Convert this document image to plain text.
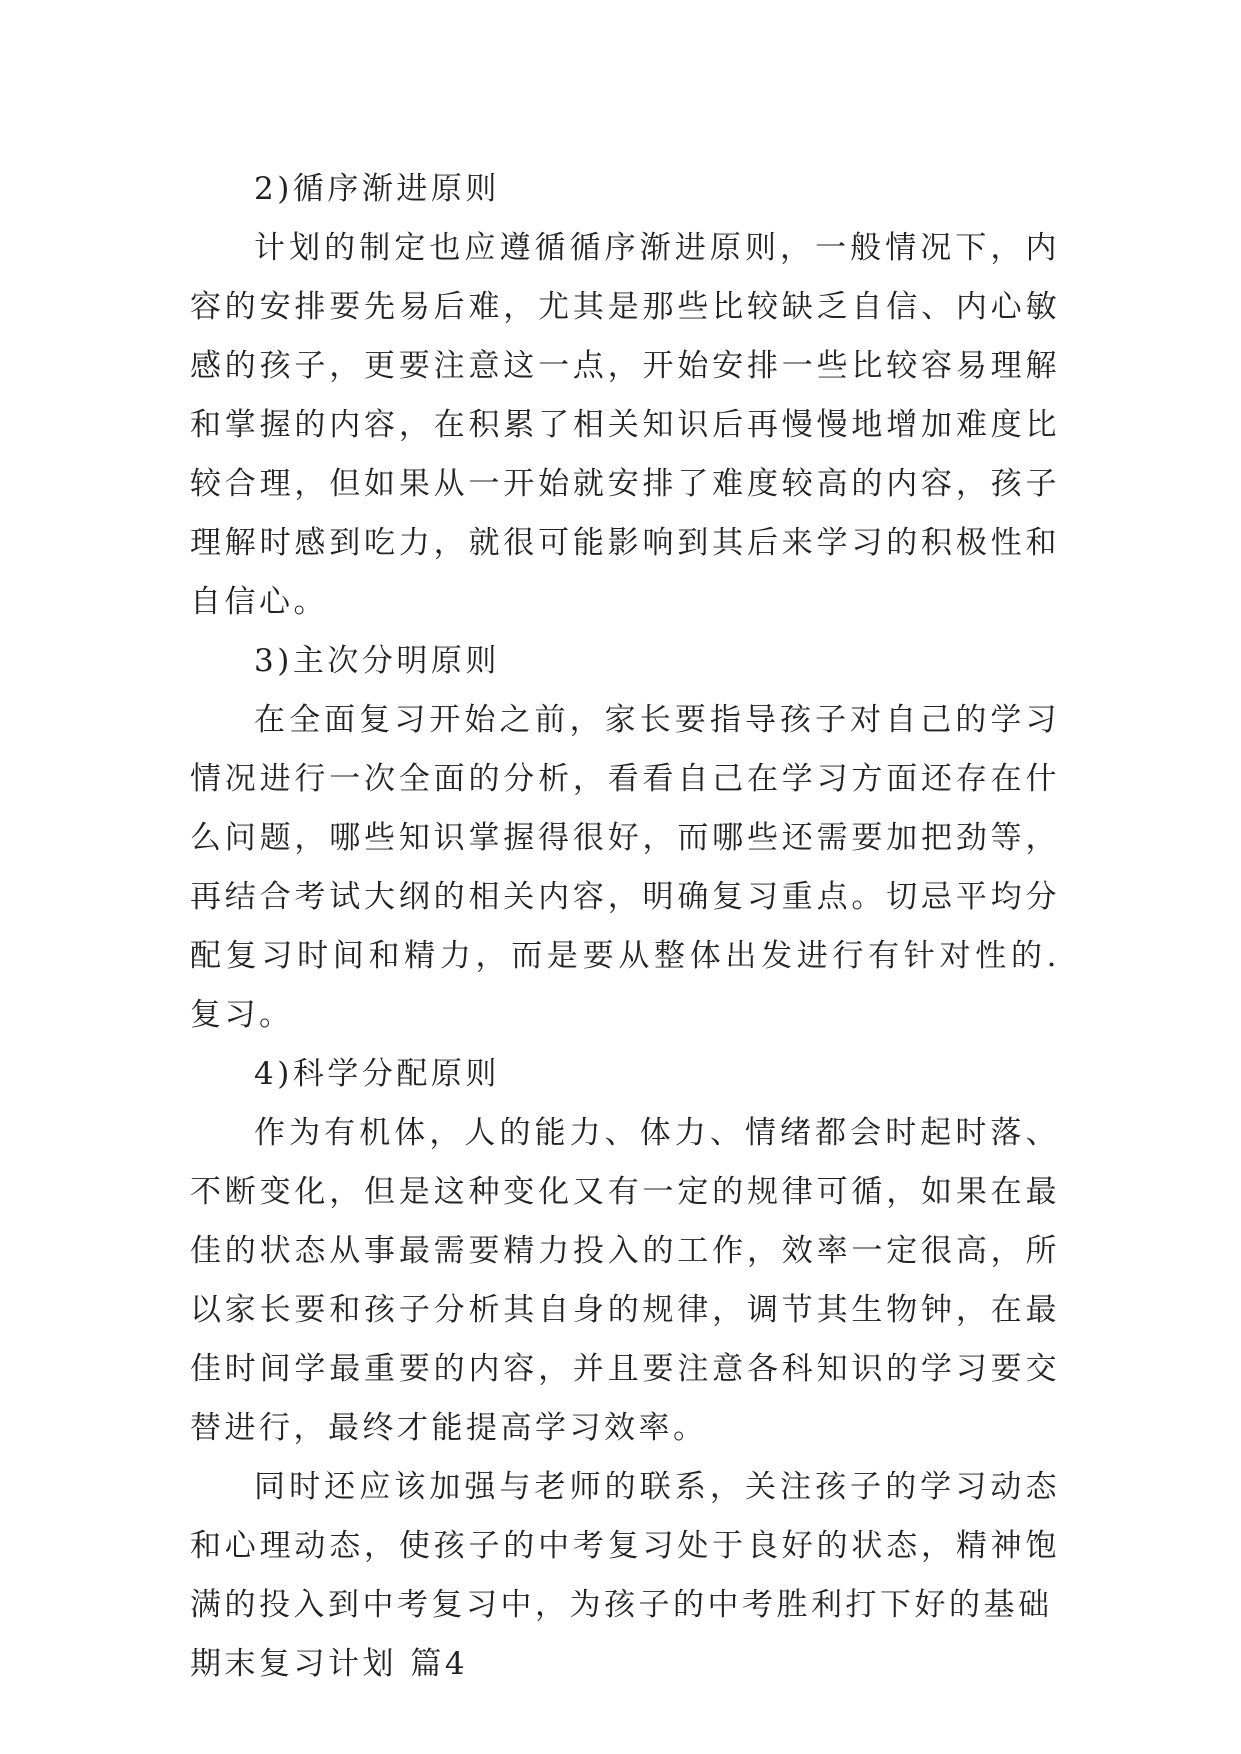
2)循序渐进原则

计划的制定也应遵循循序渐进原则，一般情况下，内容的安排要先易后难，尤其是那些比较缺乏自信、内心敏感的孩子，更要注意这一点，开始安排一些比较容易理解和掌握的内容，在积累了相关知识后再慢慢地增加难度比较合理，但如果从一开始就安排了难度较高的内容，孩子理解时感到吃力，就很可能影响到其后来学习的积极性和自信心。

3)主次分明原则

在全面复习开始之前，家长要指导孩子对自己的学习情况进行一次全面的分析，看看自己在学习方面还存在什么问题，哪些知识掌握得很好，而哪些还需要加把劲等，再结合考试大纲的相关内容，明确复习重点。切忌平均分配复习时间和精力，而是要从整体出发进行有针对性的.复习。

4)科学分配原则

作为有机体，人的能力、体力、情绪都会时起时落、不断变化，但是这种变化又有一定的规律可循，如果在最佳的状态从事最需要精力投入的工作，效率一定很高，所以家长要和孩子分析其自身的规律，调节其生物钟，在最佳时间学最重要的内容，并且要注意各科知识的学习要交替进行，最终才能提高学习效率。

同时还应该加强与老师的联系，关注孩子的学习动态和心理动态，使孩子的中考复习处于良好的状态，精神饱满的投入到中考复习中，为孩子的中考胜利打下好的基础

期末复习计划 篇4
